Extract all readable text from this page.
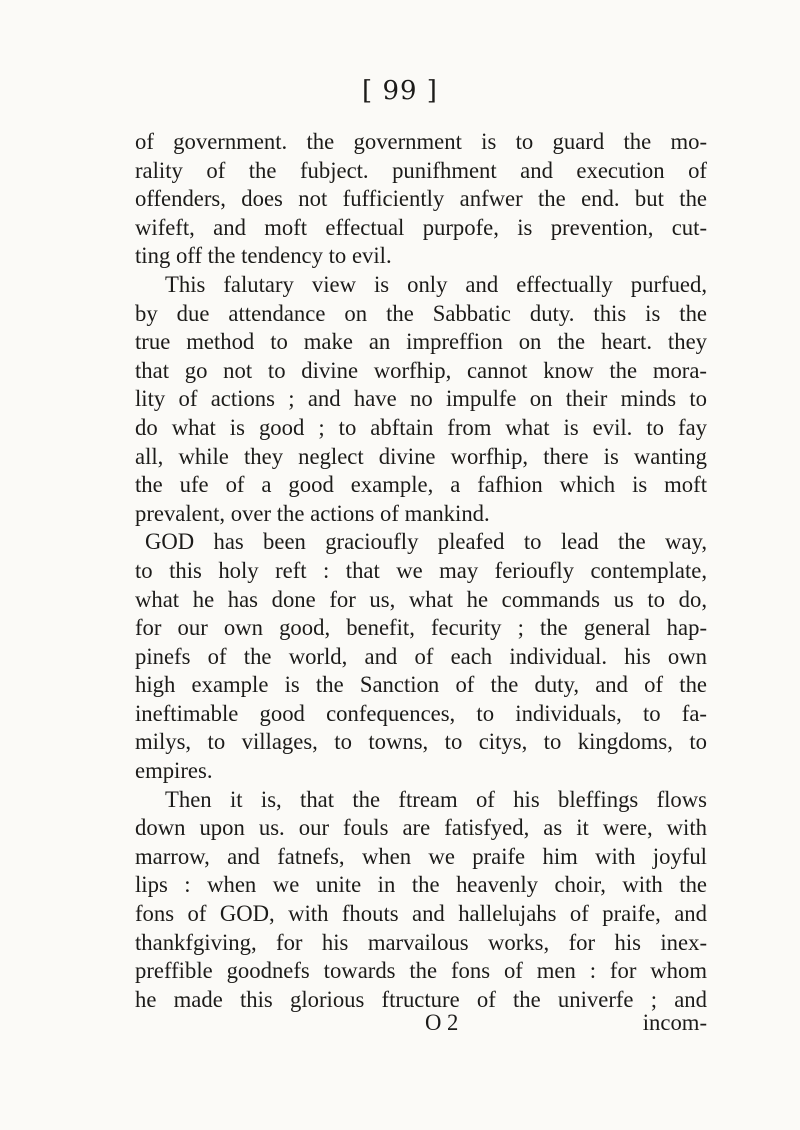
[ 99 ]
of government. the government is to guard the mo-
rality of the fubject. punifhment and execution of
offenders, does not fufficiently anfwer the end. but the
wifeft, and moft effectual purpofe, is prevention, cut-
ting off the tendency to evil.
This falutary view is only and effectually purfued,
by due attendance on the Sabbatic duty. this is the
true method to make an impreffion on the heart. they
that go not to divine worfhip, cannot know the mora-
lity of actions ; and have no impulfe on their minds to
do what is good ; to abftain from what is evil. to fay
all, while they neglect divine worfhip, there is wanting
the ufe of a good example, a fafhion which is moft
prevalent, over the actions of mankind.
GOD has been gracioufly pleafed to lead the way,
to this holy reft : that we may ferioufly contemplate,
what he has done for us, what he commands us to do,
for our own good, benefit, fecurity ; the general hap-
pinefs of the world, and of each individual. his own
high example is the Sanction of the duty, and of the
ineftimable good confequences, to individuals, to fa-
milys, to villages, to towns, to citys, to kingdoms, to
empires.
Then it is, that the ftream of his bleffings flows
down upon us. our fouls are fatisfyed, as it were, with
marrow, and fatnefs, when we praife him with joyful
lips : when we unite in the heavenly choir, with the
fons of GOD, with fhouts and hallelujahs of praife, and
thankfgiving, for his marvailous works, for his inex-
preffible goodnefs towards the fons of men : for whom
he made this glorious ftructure of the univerfe ; and
O 2	incom-
